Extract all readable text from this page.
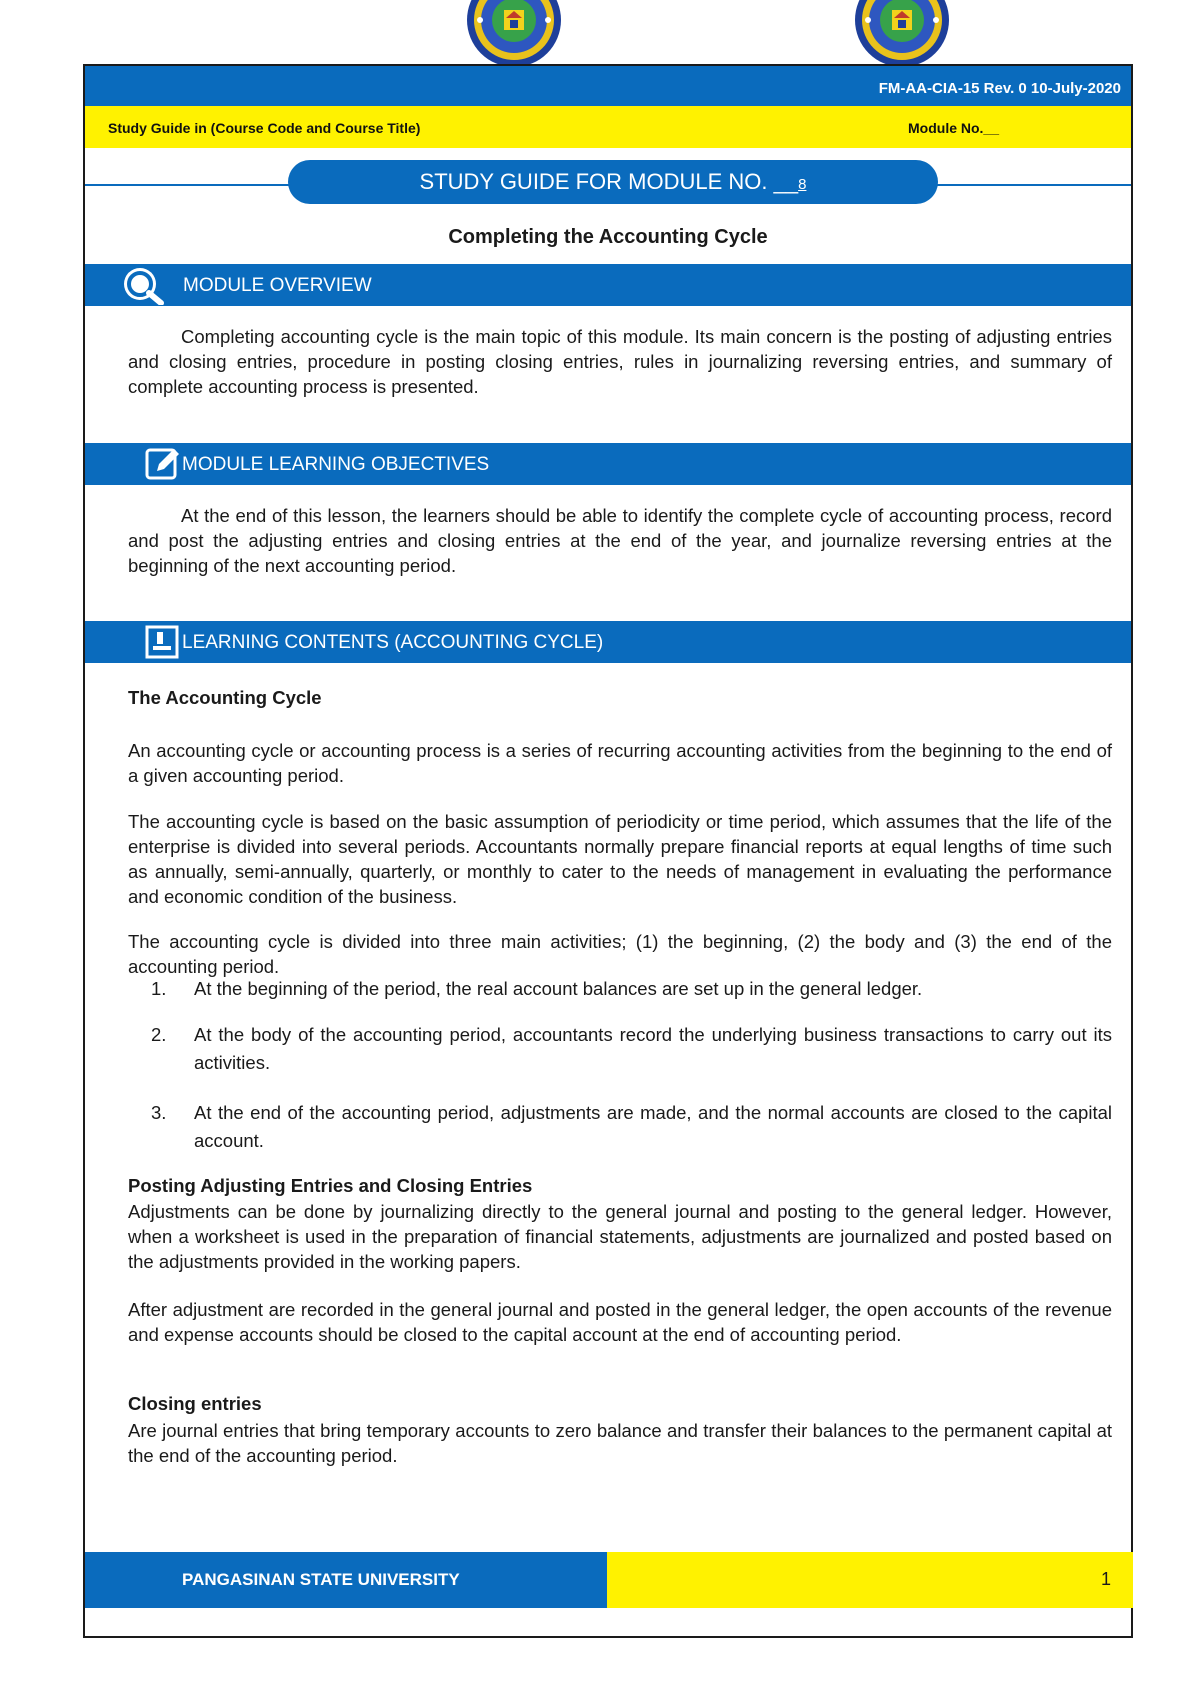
FM-AA-CIA-15 Rev. 0 10-July-2020
Study Guide in (Course Code and Course Title)	Module No.__
STUDY GUIDE FOR MODULE NO. __8
Completing the Accounting Cycle
MODULE OVERVIEW

Completing accounting cycle is the main topic of this module. Its main concern is the posting of adjusting entries and closing entries, procedure in posting closing entries, rules in journalizing reversing entries, and summary of complete accounting process is presented.

MODULE LEARNING OBJECTIVES

At the end of this lesson, the learners should be able to identify the complete cycle of accounting process, record and post the adjusting entries and closing entries at the end of the year, and journalize reversing entries at the beginning of the next accounting period.

LEARNING CONTENTS (ACCOUNTING CYCLE)

The Accounting Cycle

An accounting cycle or accounting process is a series of recurring accounting activities from the beginning to the end of a given accounting period.

The accounting cycle is based on the basic assumption of periodicity or time period, which assumes that the life of the enterprise is divided into several periods. Accountants normally prepare financial reports at equal lengths of time such as annually, semi-annually, quarterly, or monthly to cater to the needs of management in evaluating the performance and economic condition of the business.

The accounting cycle is divided into three main activities; (1) the beginning, (2) the body and (3) the end of the accounting period.

1. At the beginning of the period, the real account balances are set up in the general ledger.
2. At the body of the accounting period, accountants record the underlying business transactions to carry out its activities.
3. At the end of the accounting period, adjustments are made, and the normal accounts are closed to the capital account.

Posting Adjusting Entries and Closing Entries

Adjustments can be done by journalizing directly to the general journal and posting to the general ledger. However, when a worksheet is used in the preparation of financial statements, adjustments are journalized and posted based on the adjustments provided in the working papers.

After adjustment are recorded in the general journal and posted in the general ledger, the open accounts of the revenue and expense accounts should be closed to the capital account at the end of accounting period.

Closing entries

Are journal entries that bring temporary accounts to zero balance and transfer their balances to the permanent capital at the end of the accounting period.

PANGASINAN STATE UNIVERSITY	1
